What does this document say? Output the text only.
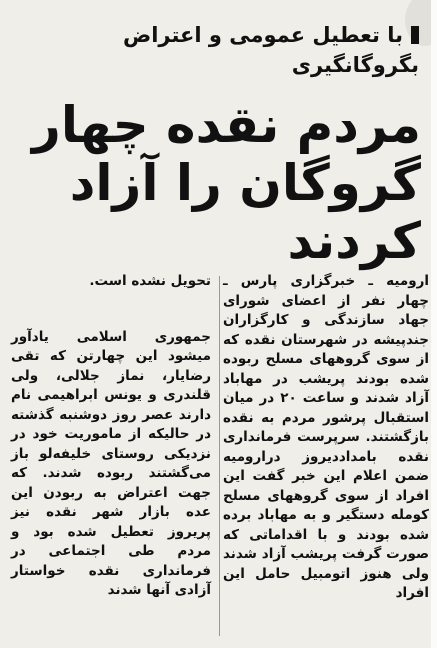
با تعطیل عمومی و اعتراض
بگروگانگیری
مردم نقده چهار
گروگان را آزاد
کردند
ارومیه ـ خبرگزاری پارس ـ چهار نفر از اعضای شورای جهاد سازندگی و کارگزاران جندپیشه در شهرستان نقده که از سوی گروههای مسلح ربوده شده بودند پریشب در مهاباد آزاد شدند و ساعت ۲۰ در میان استقبال پرشور مردم به نقده بازگشتند. سرپرست فرمانداری نقده بامداددیروز درارومیه ضمن اعلام این خبر گفت این افراد از سوی گروههای مسلح کومله دستگیر و به مهاباد برده شده بودند و با اقداماتی که صورت گرفت پریشب آزاد شدند ولی هنوز اتومبیل حامل این افراد
تحویل نشده است.
جمهوری اسلامی یادآور میشود این چهارتن که تقی رضایار، نماز جلالی، ولی قلندری و یونس ابراهیمی نام دارند عصر روز دوشنبه گذشته در حالیکه از ماموریت خود در نزدیکی روستای خلیفه‌لو باز می‌گشتند ربوده شدند. که جهت اعتراض به ربودن این عده بازار شهر نقده نیز پریروز تعطیل شده بود و مردم طی اجتماعی در فرمانداری نقده خواستار آزادی آنها شدند
